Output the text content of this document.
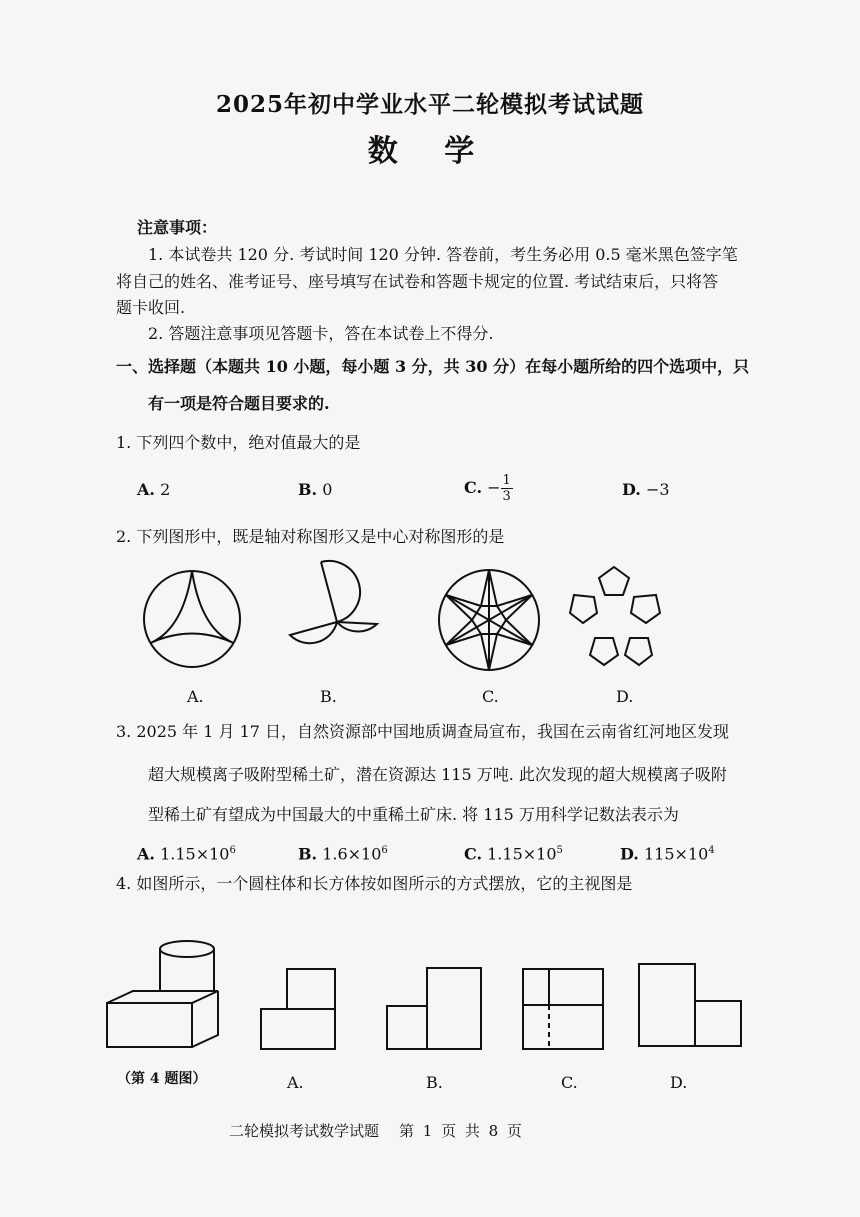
2025年初中学业水平二轮模拟考试试题
数 学
注意事项：
1. 本试卷共 120 分. 考试时间 120 分钟. 答卷前，考生务必用 0.5 毫米黑色签字笔
将自己的姓名、准考证号、座号填写在试卷和答题卡规定的位置. 考试结束后，只将答
题卡收回.
2. 答题注意事项见答题卡，答在本试卷上不得分.
一、选择题（本题共 10 小题，每小题 3 分，共 30 分）在每小题所给的四个选项中，只
有一项是符合题目要求的.
1. 下列四个数中，绝对值最大的是
A. 2	B. 0	C. − $\frac{1}{3}$	D. −3
2. 下列图形中，既是轴对称图形又是中心对称图形的是
A.	B.	C.	D.
3. 2025 年 1 月 17 日，自然资源部中国地质调查局宣布，我国在云南省红河地区发现
超大规模离子吸附型稀土矿，潜在资源达 115 万吨. 此次发现的超大规模离子吸附
型稀土矿有望成为中国最大的中重稀土矿床. 将 115 万用科学记数法表示为
A. $1.15\times 10^6$	B. $1.6\times 10^6$	C. $1.15\times 10^5$	D. $115\times 10^4$
4. 如图所示，一个圆柱体和长方体按如图所示的方式摆放，它的主视图是
（第 4 题图）	A.	B.	C.	D.
二轮模拟考试数学试题 第 1 页 共 8 页
